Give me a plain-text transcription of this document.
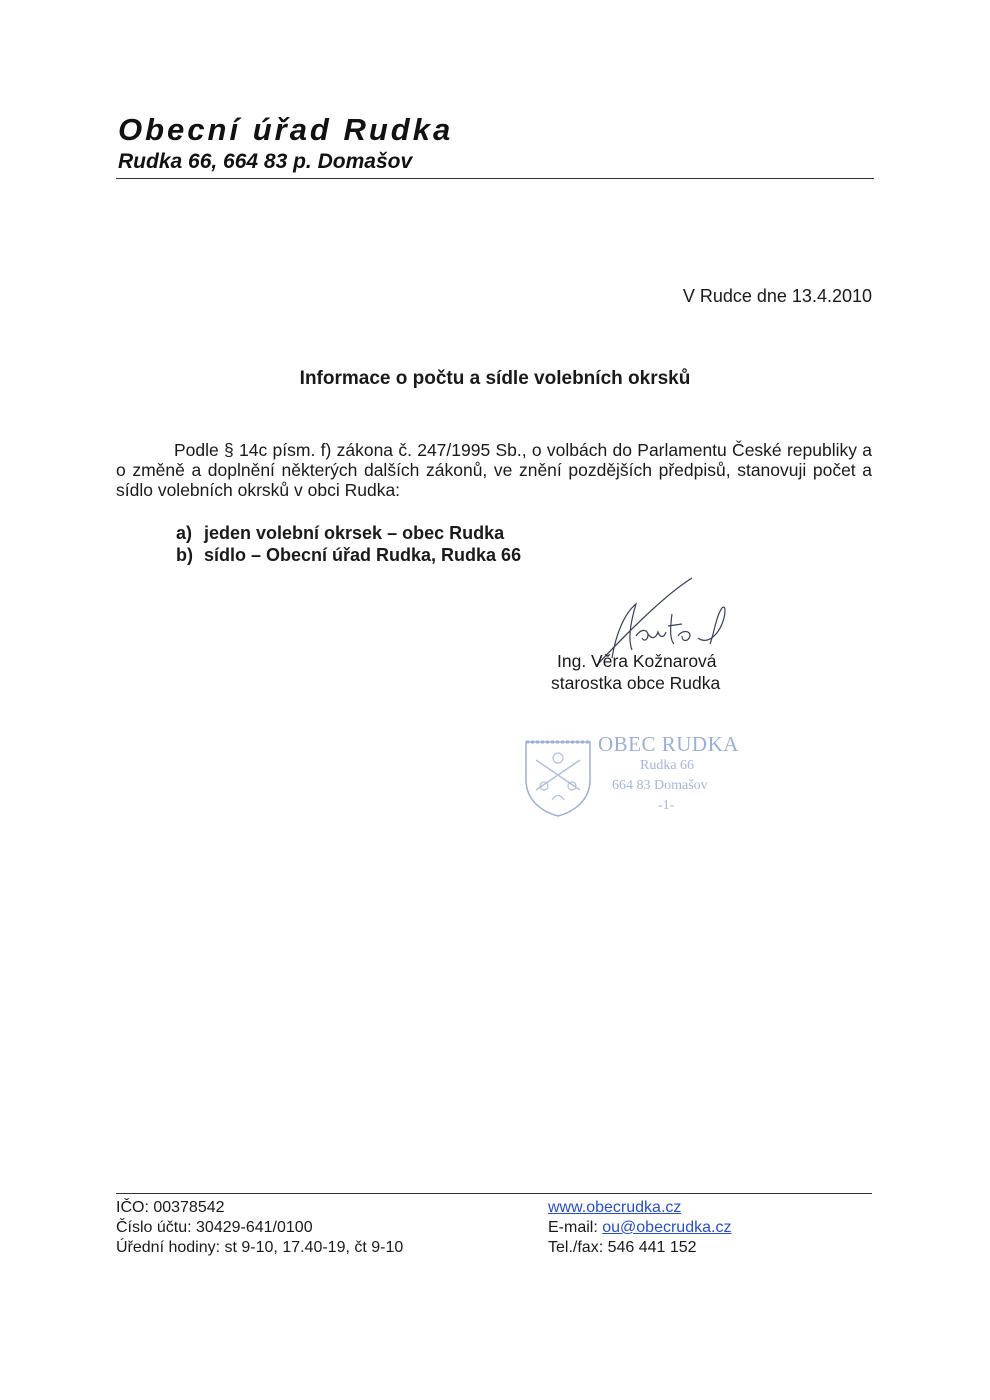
Obecní úřad Rudka
Rudka 66, 664 83 p. Domašov
V Rudce dne 13.4.2010
Informace o počtu a sídle volebních okrsků
Podle § 14c písm. f) zákona č. 247/1995 Sb., o volbách do Parlamentu České republiky a o změně a doplnění některých dalších zákonů, ve znění pozdějších předpisů, stanovuji počet a sídlo volebních okrsků v obci Rudka:
a) jeden volební okrsek – obec Rudka
b) sídlo – Obecní úřad Rudka, Rudka 66
Ing. Věra Kožnarová
starostka obce Rudka
OBEC RUDKA
Rudka 66
664 83 Domašov
-1-
IČO: 00378542
Číslo účtu: 30429-641/0100
Úřední hodiny: st 9-10, 17.40-19, čt 9-10
www.obecrudka.cz
E-mail: ou@obecrudka.cz
Tel./fax: 546 441 152
